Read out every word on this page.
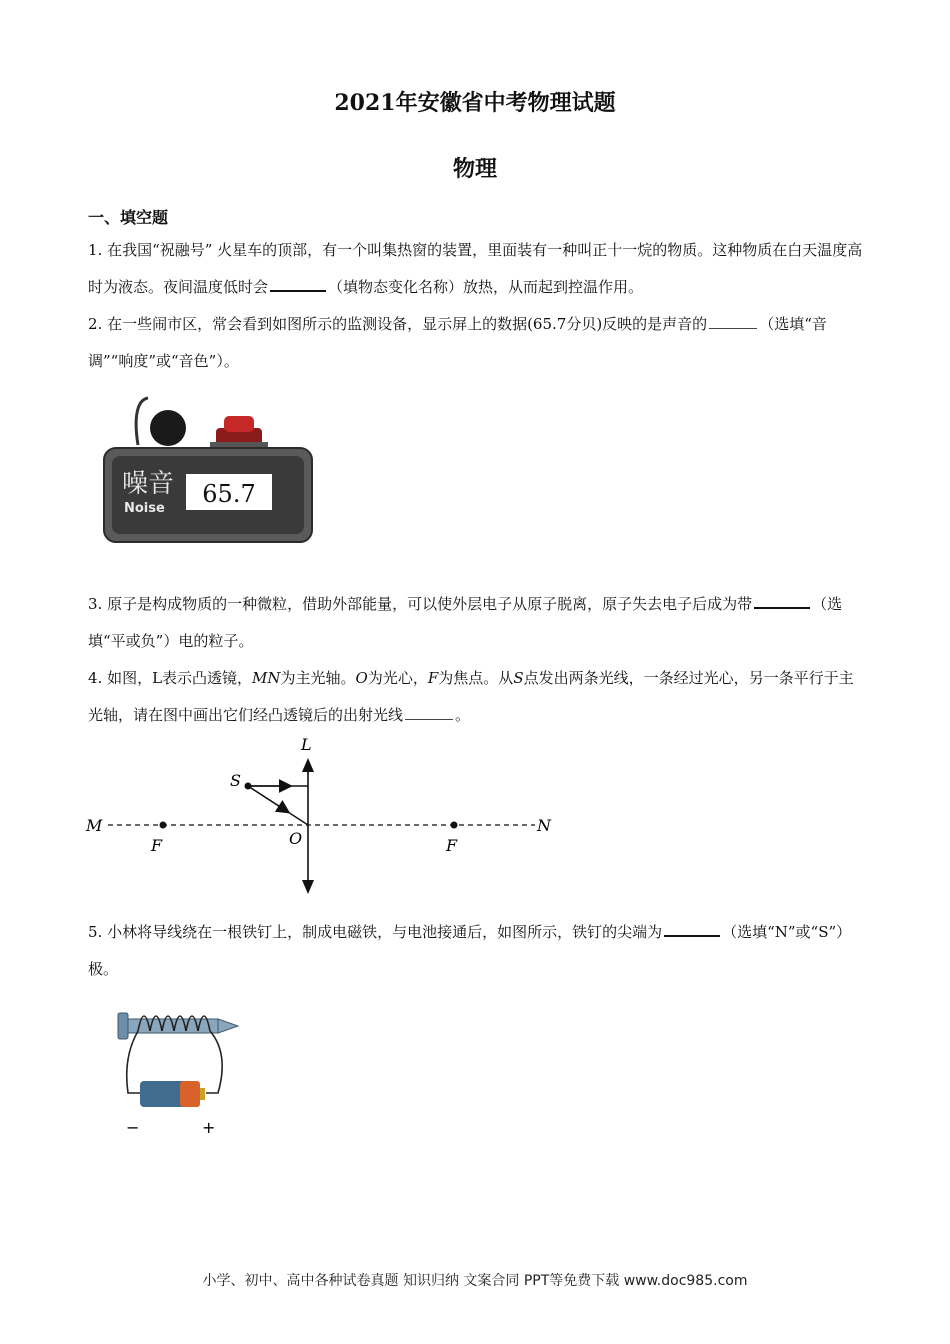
2021年安徽省中考物理试题
物理
一、填空题
1. 在我国“祝融号” 火星车的顶部，有一个叫集热窗的装置，里面装有一种叫正十一烷的物质。这种物质在白天温度高时为液态。夜间温度低时会	（填物态变化名称）放热，从而起到控温作用。
2. 在一些闹市区，常会看到如图所示的监测设备，显示屏上的数据(65.7分贝)反映的是声音的	（选填“音调”“响度”或“音色”）。
噪音
Noise
65.7
3. 原子是构成物质的一种微粒，借助外部能量，可以使外层电子从原子脱离，原子失去电子后成为带	（选填“平或负”）电的粒子。
4. 如图，L表示凸透镜，MN为主光轴。O为光心，F为焦点。从S点发出两条光线，一条经过光心，另一条平行于主光轴，请在图中画出它们经凸透镜后的出射光线	。
L
S
M	N
O
F	F
5. 小林将导线绕在一根铁钉上，制成电磁铁，与电池接通后，如图所示，铁钉的尖端为	（选填“N”或“S”）极。
−	+
小学、初中、高中各种试卷真题 知识归纳 文案合同 PPT等免费下载 www.doc985.com
